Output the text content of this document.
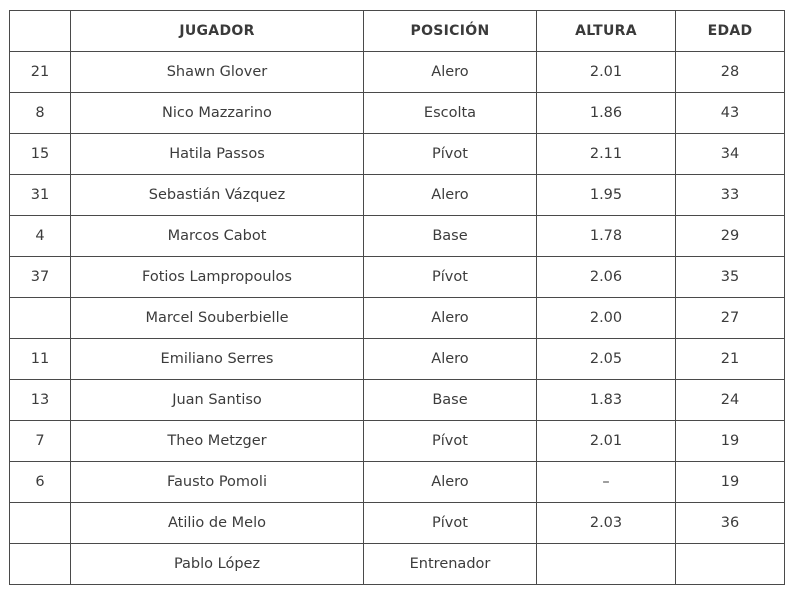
	JUGADOR	POSICIÓN	ALTURA	EDAD
21	Shawn Glover	Alero	2.01	28
8	Nico Mazzarino	Escolta	1.86	43
15	Hatila Passos	Pívot	2.11	34
31	Sebastián Vázquez	Alero	1.95	33
4	Marcos Cabot	Base	1.78	29
37	Fotios Lampropoulos	Pívot	2.06	35
	Marcel Souberbielle	Alero	2.00	27
11	Emiliano Serres	Alero	2.05	21
13	Juan Santiso	Base	1.83	24
7	Theo Metzger	Pívot	2.01	19
6	Fausto Pomoli	Alero	–	19
	Atilio de Melo	Pívot	2.03	36
	Pablo López	Entrenador		
